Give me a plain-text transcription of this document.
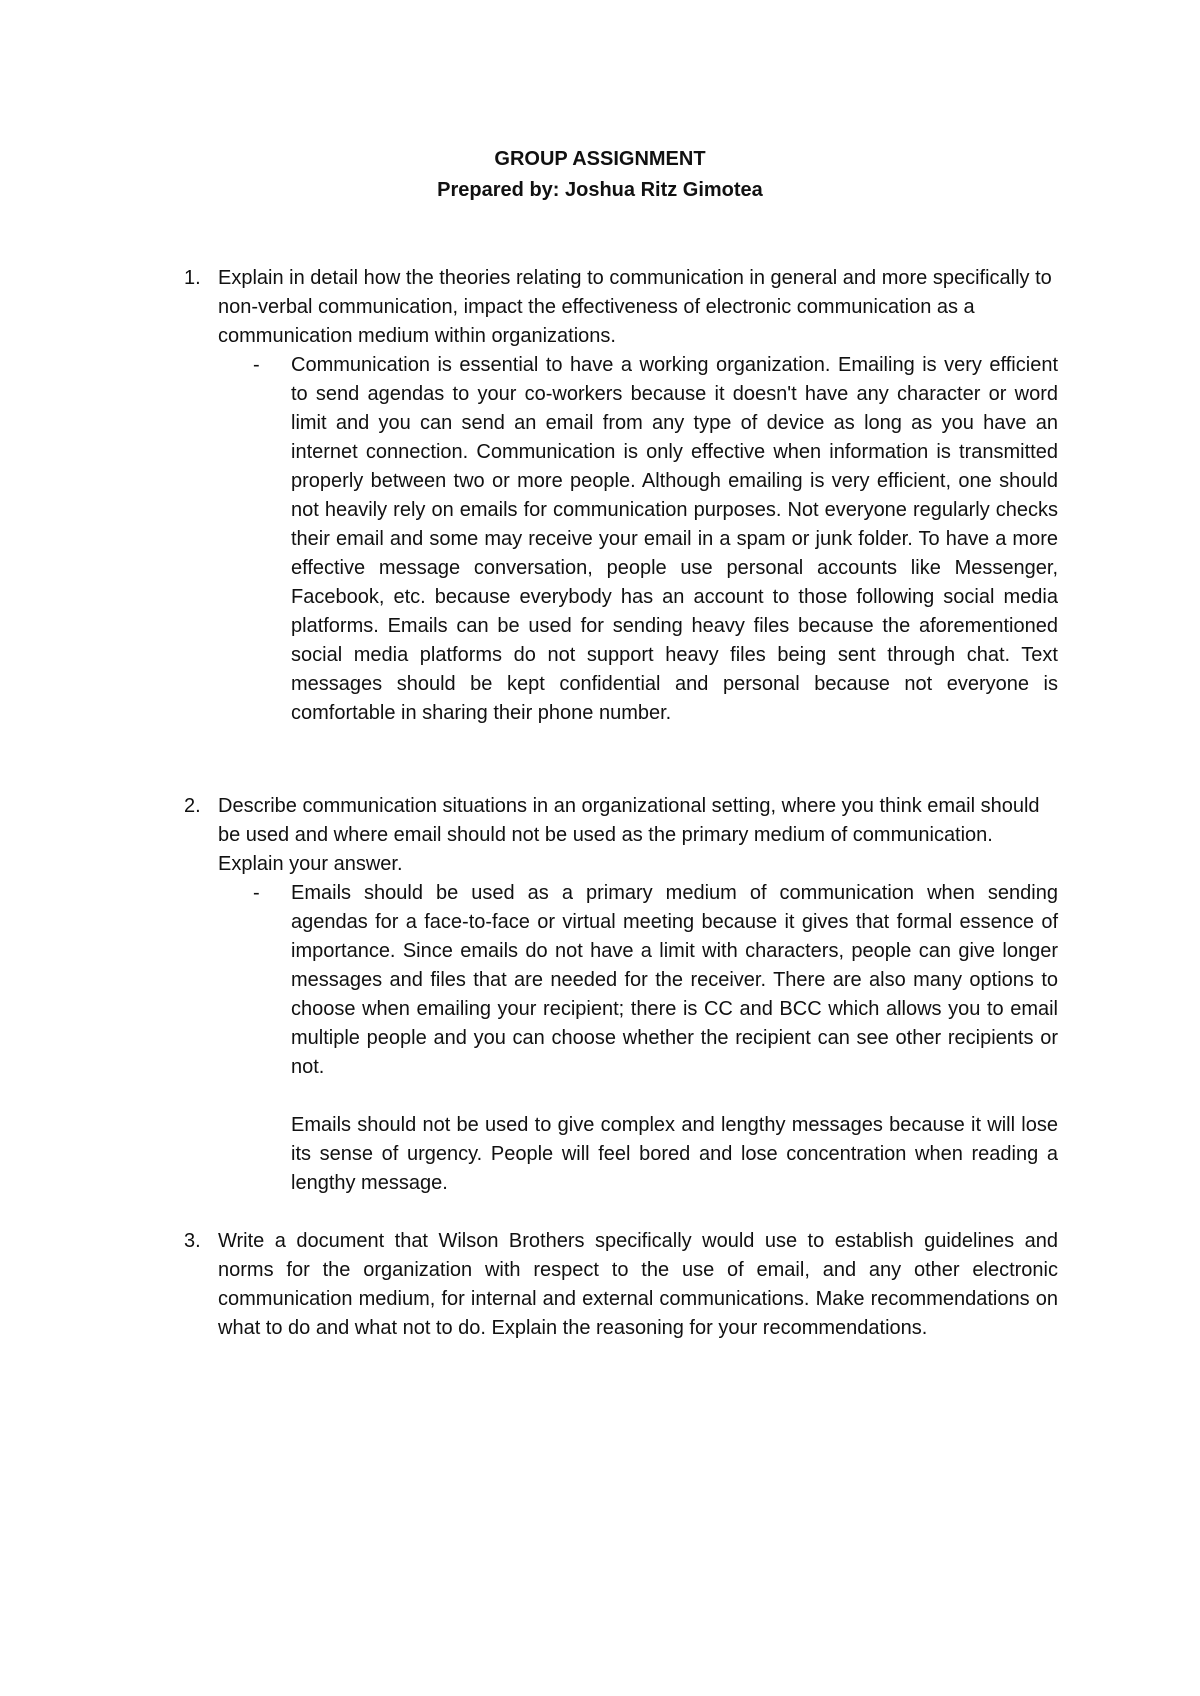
GROUP ASSIGNMENT
Prepared by: Joshua Ritz Gimotea
1. Explain in detail how the theories relating to communication in general and more specifically to non-verbal communication, impact the effectiveness of electronic communication as a communication medium within organizations.
- Communication is essential to have a working organization. Emailing is very efficient to send agendas to your co-workers because it doesn't have any character or word limit and you can send an email from any type of device as long as you have an internet connection. Communication is only effective when information is transmitted properly between two or more people. Although emailing is very efficient, one should not heavily rely on emails for communication purposes. Not everyone regularly checks their email and some may receive your email in a spam or junk folder. To have a more effective message conversation, people use personal accounts like Messenger, Facebook, etc. because everybody has an account to those following social media platforms. Emails can be used for sending heavy files because the aforementioned social media platforms do not support heavy files being sent through chat. Text messages should be kept confidential and personal because not everyone is comfortable in sharing their phone number.

2. Describe communication situations in an organizational setting, where you think email should be used and where email should not be used as the primary medium of communication. Explain your answer.
- Emails should be used as a primary medium of communication when sending agendas for a face-to-face or virtual meeting because it gives that formal essence of importance. Since emails do not have a limit with characters, people can give longer messages and files that are needed for the receiver. There are also many options to choose when emailing your recipient; there is CC and BCC which allows you to email multiple people and you can choose whether the recipient can see other recipients or not.

Emails should not be used to give complex and lengthy messages because it will lose its sense of urgency. People will feel bored and lose concentration when reading a lengthy message.

3. Write a document that Wilson Brothers specifically would use to establish guidelines and norms for the organization with respect to the use of email, and any other electronic communication medium, for internal and external communications. Make recommendations on what to do and what not to do. Explain the reasoning for your recommendations.
